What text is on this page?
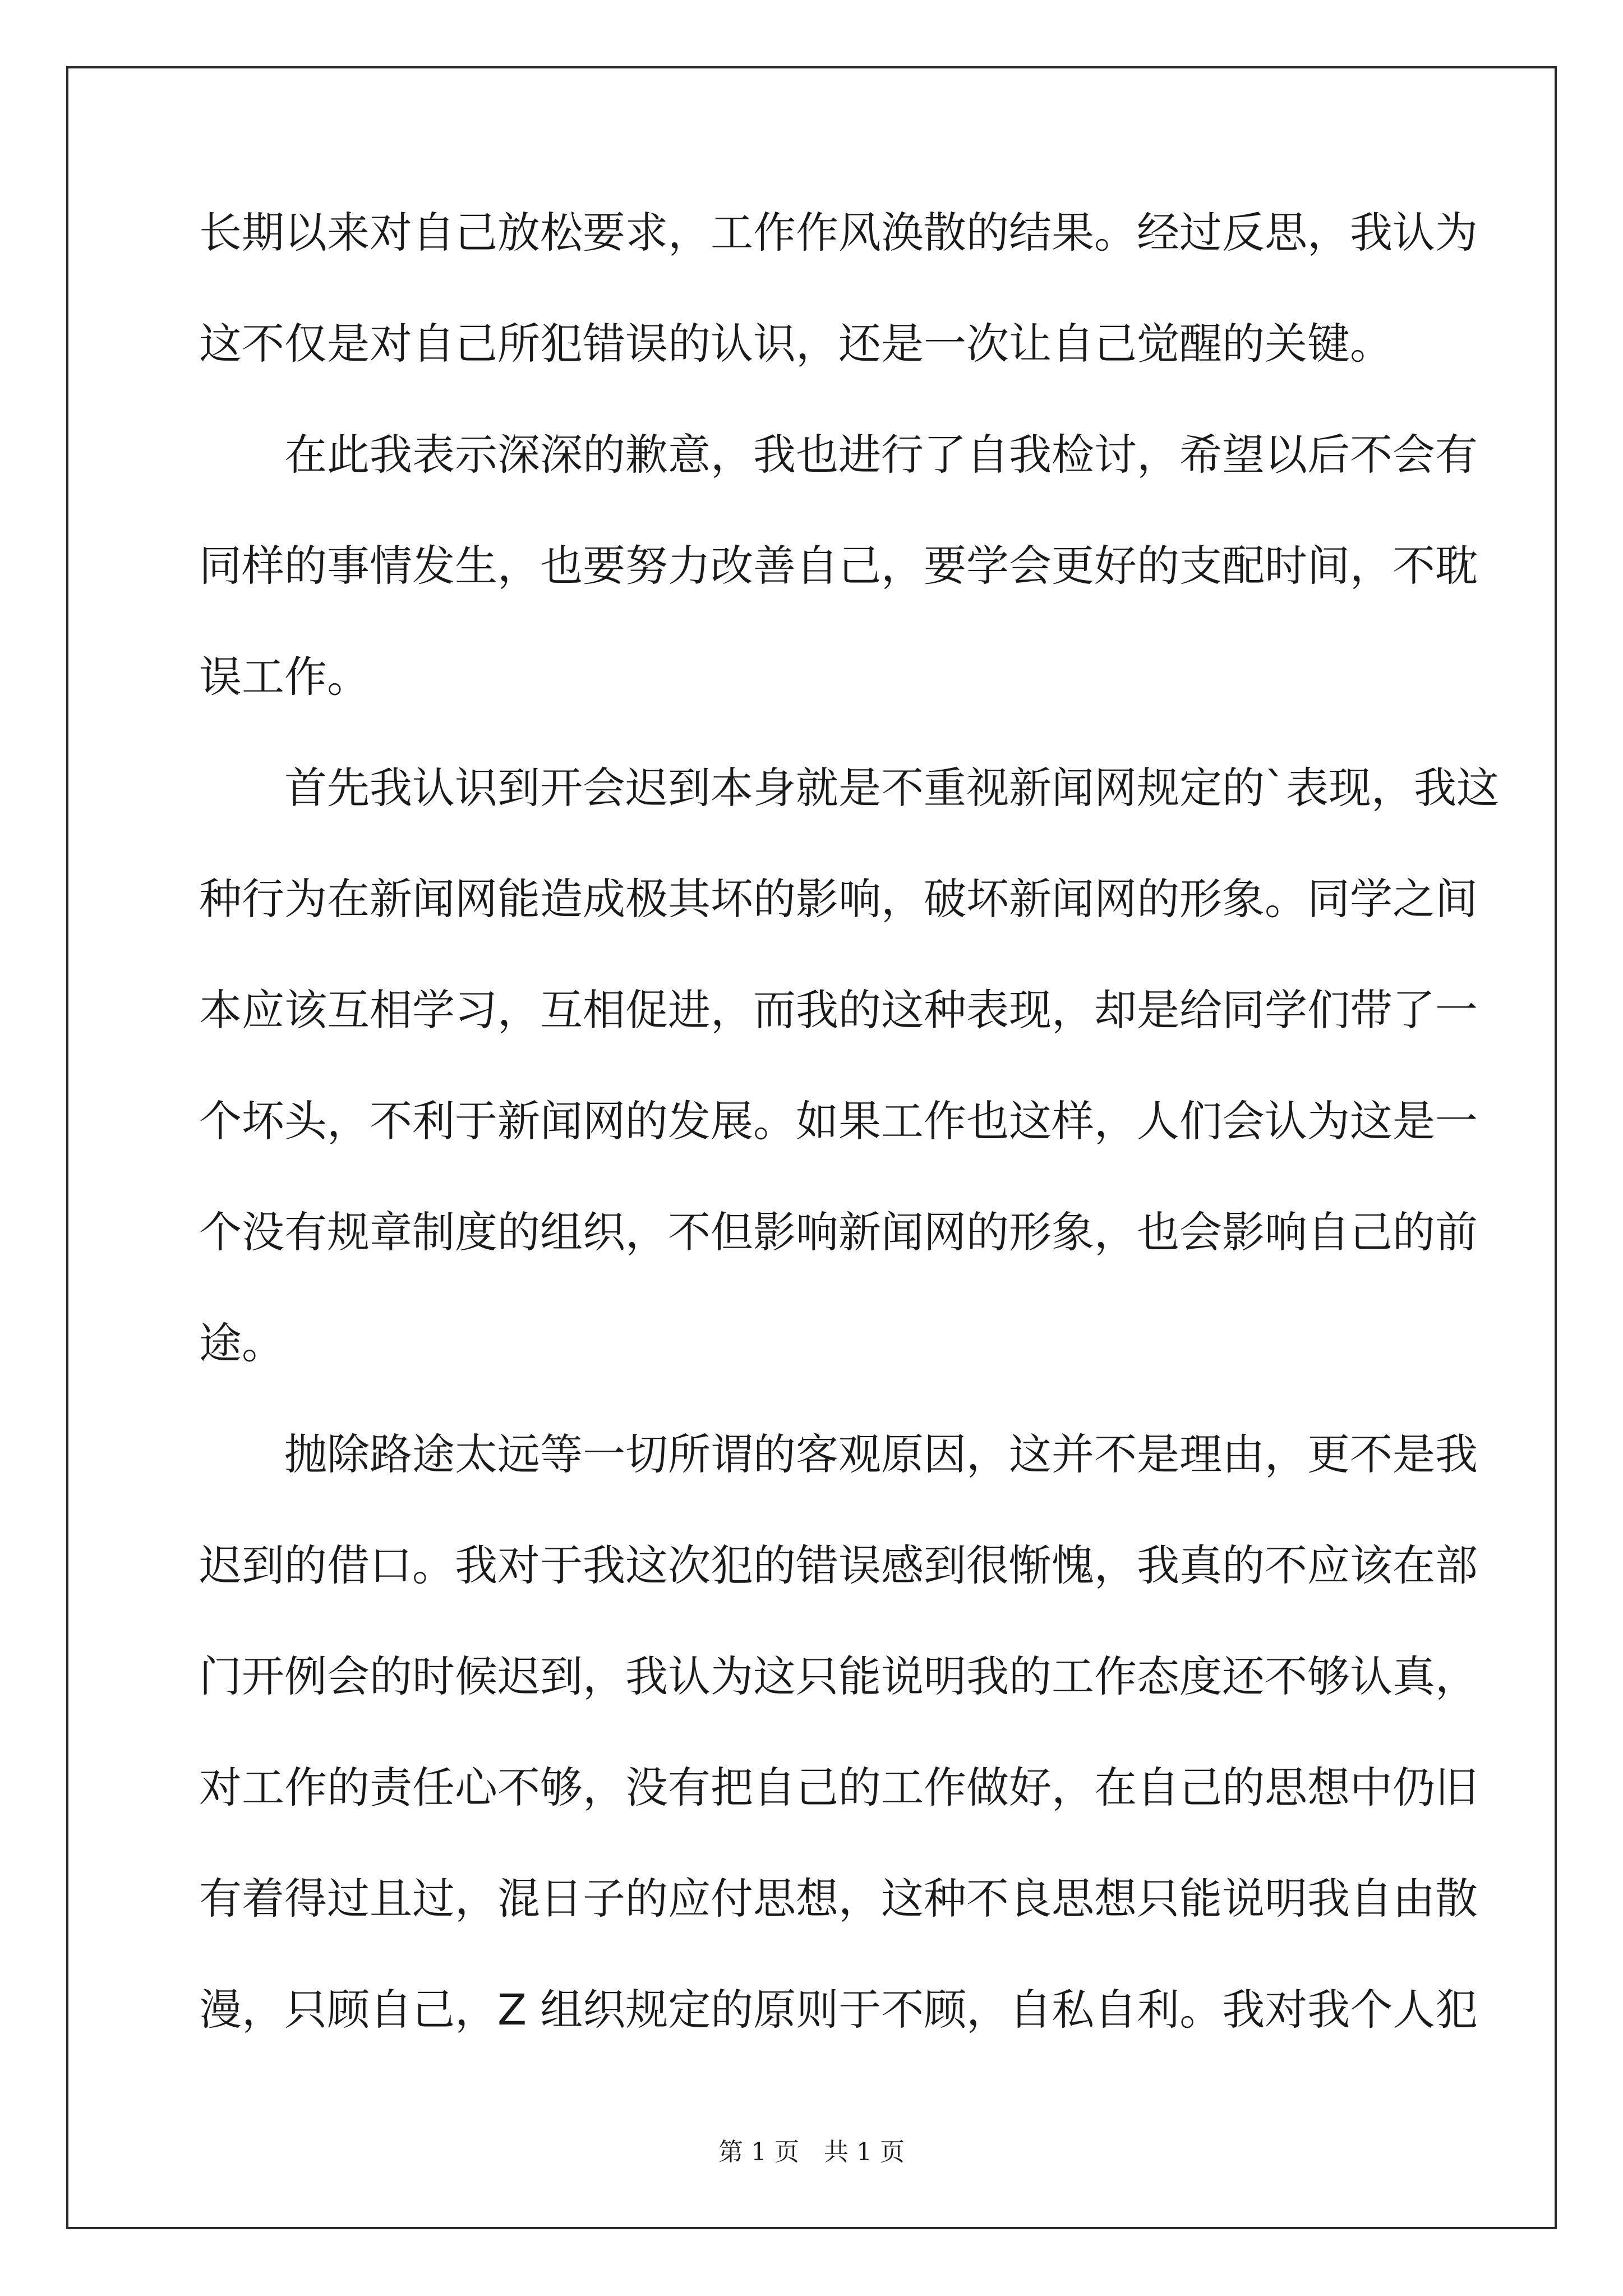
长期以来对自己放松要求，工作作风涣散的结果。经过反思，我认为
这不仅是对自己所犯错误的认识，还是一次让自己觉醒的关键。
在此我表示深深的歉意，我也进行了自我检讨，希望以后不会有
同样的事情发生，也要努力改善自己，要学会更好的支配时间，不耽
误工作。
首先我认识到开会迟到本身就是不重视新闻网规定的`表现，我这
种行为在新闻网能造成极其坏的影响，破坏新闻网的形象。同学之间
本应该互相学习，互相促进，而我的这种表现，却是给同学们带了一
个坏头，不利于新闻网的发展。如果工作也这样，人们会认为这是一
个没有规章制度的组织，不但影响新闻网的形象，也会影响自己的前
途。
抛除路途太远等一切所谓的客观原因，这并不是理由，更不是我
迟到的借口。我对于我这次犯的错误感到很惭愧，我真的不应该在部
门开例会的时候迟到，我认为这只能说明我的工作态度还不够认真，
对工作的责任心不够，没有把自己的工作做好，在自己的思想中仍旧
有着得过且过，混日子的应付思想，这种不良思想只能说明我自由散
漫，只顾自己，Z 组织规定的原则于不顾，自私自利。我对我个人犯
第 1 页　共 1 页
